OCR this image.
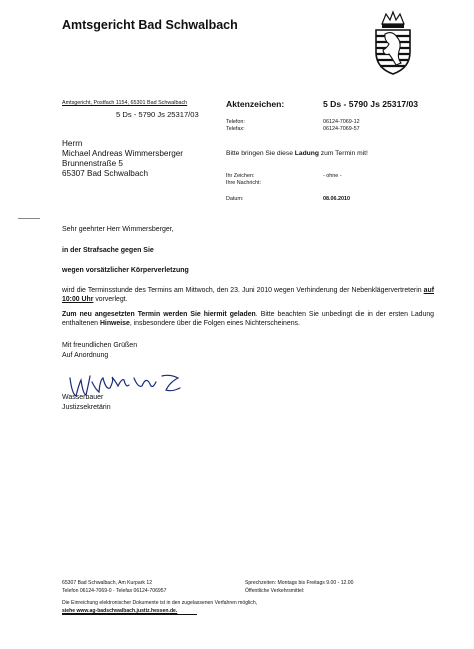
Amtsgericht Bad Schwalbach
Amtsgericht, Postfach 1154, 65301 Bad Schwalbach
5 Ds - 5790 Js 25317/03
Aktenzeichen:	5 Ds - 5790 Js 25317/03
Telefon:	06124-7069-12
Telefax:	06124-7069-57
Bitte bringen Sie diese Ladung zum Termin mit!
Ihr Zeichen:	- ohne -
Ihre Nachricht:
Datum:	08.06.2010
Herrn
Michael Andreas Wimmersberger
Brunnenstraße 5
65307 Bad Schwalbach
Sehr geehrter Herr Wimmersberger,
in der Strafsache gegen Sie
wegen vorsätzlicher Körperverletzung
wird die Terminsstunde des Termins am Mittwoch, den 23. Juni 2010 wegen Verhinderung der Nebenklägervertreterin auf 10:00 Uhr vorverlegt.
Zum neu angesetzten Termin werden Sie hiermit geladen. Bitte beachten Sie unbedingt die in der ersten Ladung enthaltenen Hinweise, insbesondere über die Folgen eines Nichterscheinens.
Mit freundlichen Grüßen
Auf Anordnung
Wasserbauer
Justizsekretärin
65307 Bad Schwalbach, Am Kurpark 12
Telefon 06124-7069-0 · Telefax 06124-706957
Sprechzeiten: Montags bis Freitags 9.00 - 12.00
Öffentliche Verkehrsmittel:
Die Einreichung elektronischer Dokumente ist in den zugelassenen Verfahren möglich,
siehe www.ag-badschwalbach.justiz.hessen.de.
